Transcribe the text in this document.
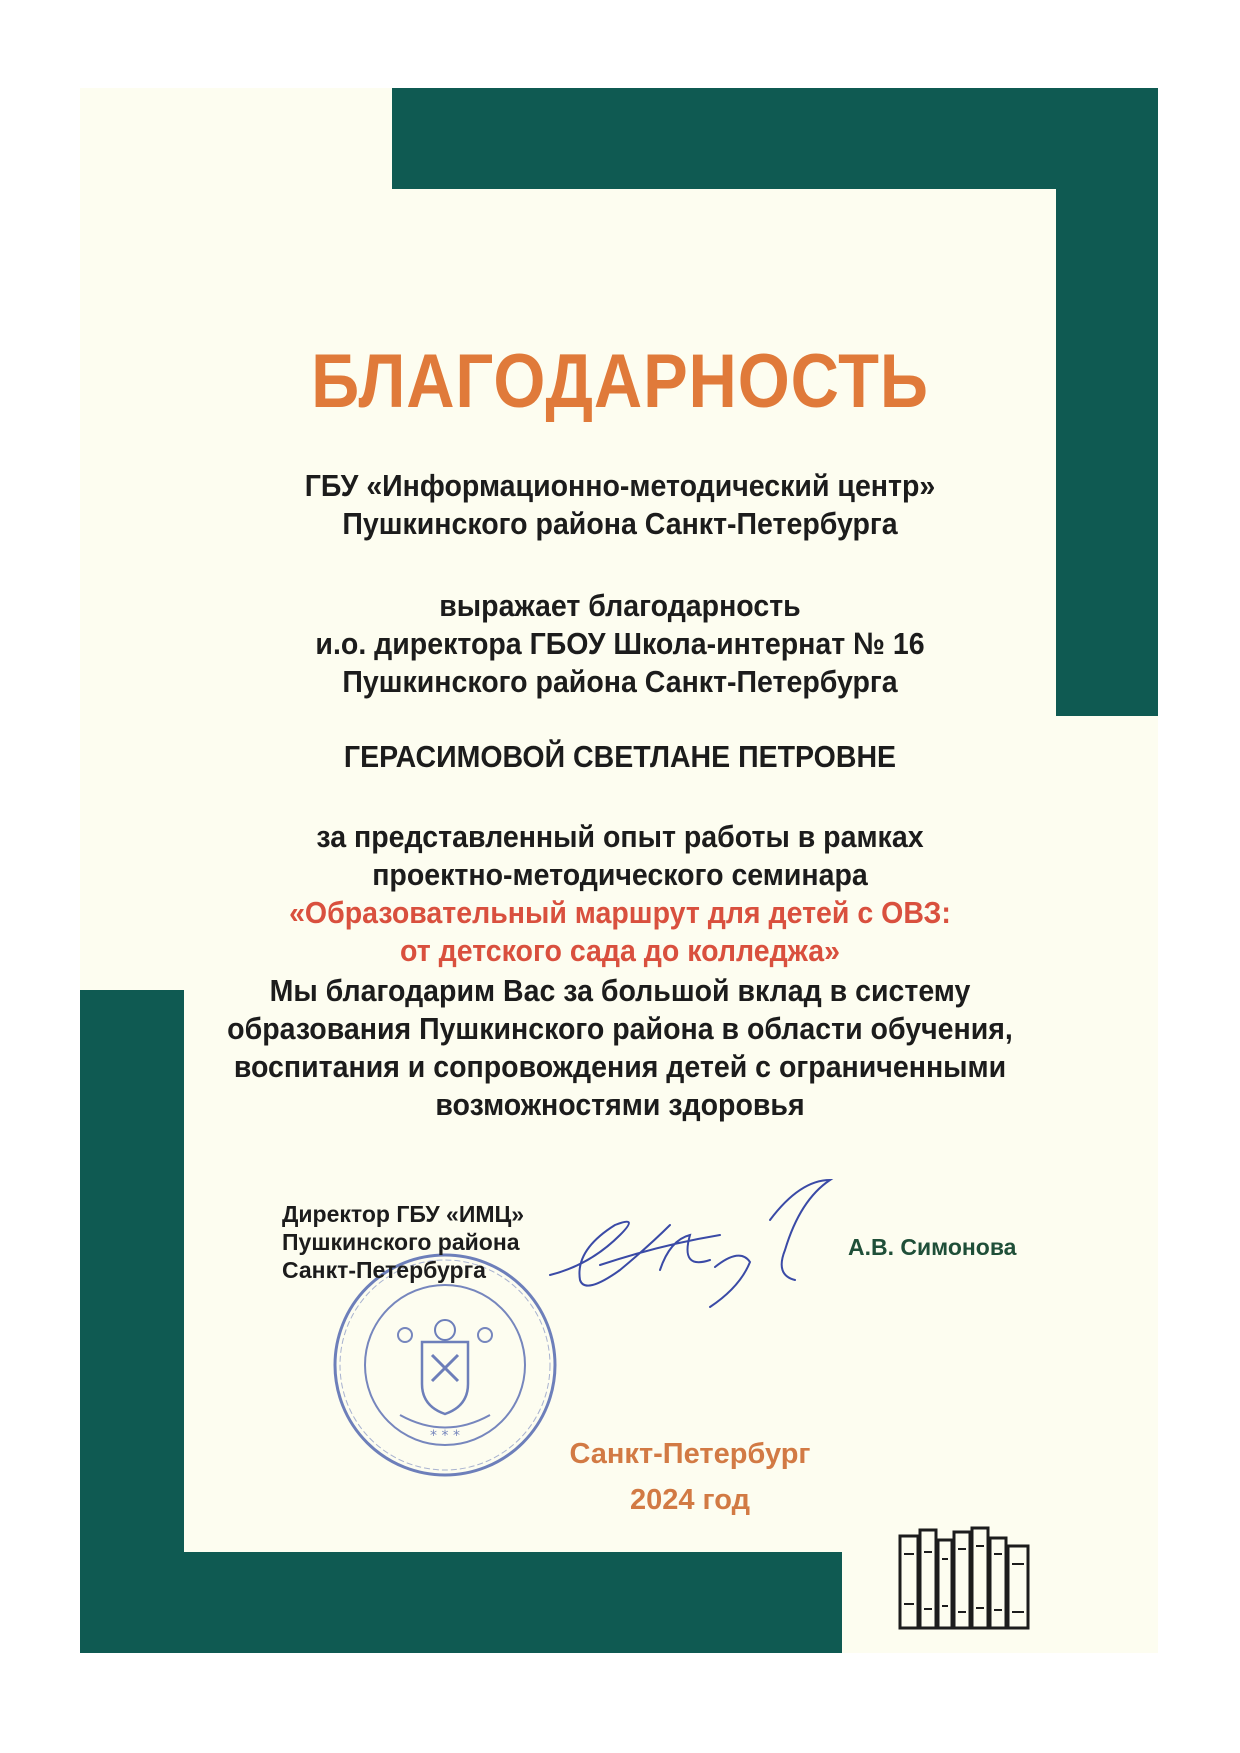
БЛАГОДАРНОСТЬ
ГБУ «Информационно-методический центр»
Пушкинского района Санкт-Петербурга
выражает благодарность
и.о. директора ГБОУ Школа-интернат № 16
Пушкинского района Санкт-Петербурга
ГЕРАСИМОВОЙ СВЕТЛАНЕ ПЕТРОВНЕ
за представленный опыт работы в рамках
проектно-методического семинара
«Образовательный маршрут для детей с ОВЗ:
от детского сада до колледжа»
Мы благодарим Вас за большой вклад в систему
образования Пушкинского района в области обучения,
воспитания и сопровождения детей с ограниченными
возможностями здоровья
* * *
Директор ГБУ «ИМЦ»
Пушкинского района
Санкт-Петербурга
А.В. Симонова
Санкт-Петербург
2024 год
